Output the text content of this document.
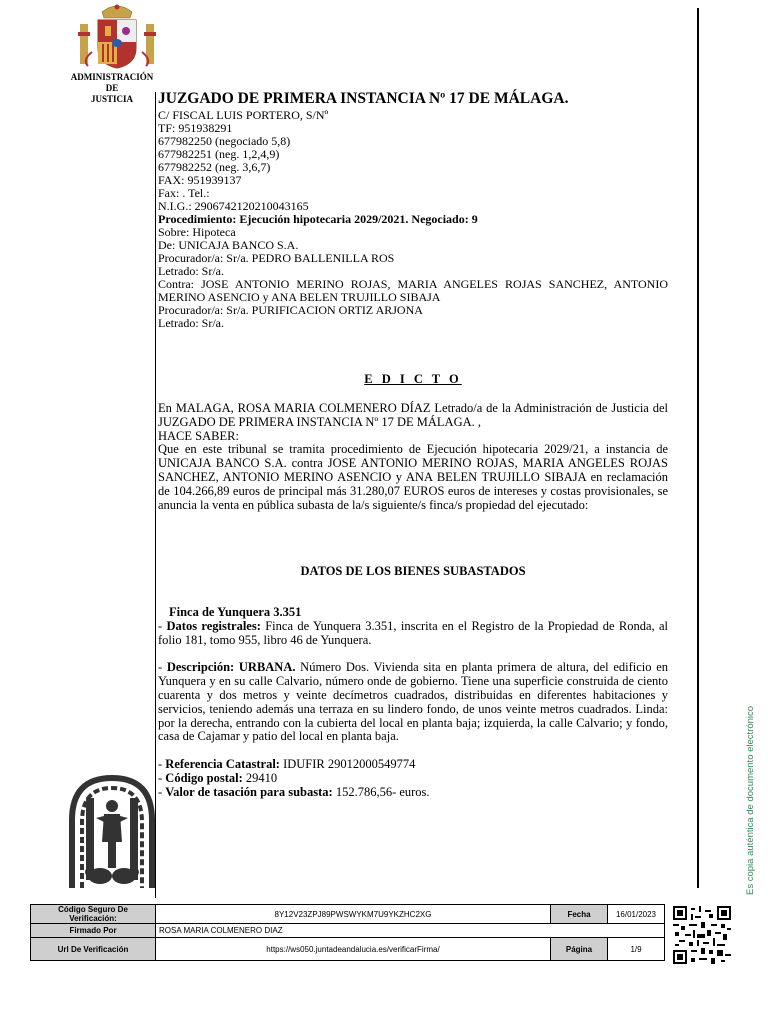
ADMINISTRACIÓN
DE
JUSTICIA	JUZGADO DE PRIMERA INSTANCIA Nº 17 DE MÁLAGA.
C/ FISCAL LUIS PORTERO, S/Nº
TF: 951938291
677982250 (negociado 5,8)
677982251 (neg. 1,2,4,9)
677982252 (neg. 3,6,7)
FAX: 951939137
Fax: . Tel.:
N.I.G.: 2906742120210043165
Procedimiento: Ejecución hipotecaria 2029/2021. Negociado: 9
Sobre: Hipoteca
De: UNICAJA BANCO S.A.
Procurador/a: Sr/a. PEDRO BALLENILLA ROS
Letrado: Sr/a.
Contra: JOSE ANTONIO MERINO ROJAS, MARIA ANGELES ROJAS SANCHEZ, ANTONIO MERINO ASENCIO y ANA BELEN TRUJILLO SIBAJA
Procurador/a: Sr/a. PURIFICACION ORTIZ ARJONA
Letrado: Sr/a.
E D I C T O
En MALAGA, ROSA MARIA COLMENERO DÍAZ Letrado/a de la Administración de Justicia del JUZGADO DE PRIMERA INSTANCIA Nº 17 DE MÁLAGA. ,
HACE SABER:
Que en este tribunal se tramita procedimiento de Ejecución hipotecaria 2029/21, a instancia de UNICAJA BANCO S.A. contra JOSE ANTONIO MERINO ROJAS, MARIA ANGELES ROJAS SANCHEZ, ANTONIO MERINO ASENCIO y ANA BELEN TRUJILLO SIBAJA en reclamación de 104.266,89 euros de principal más 31.280,07 EUROS euros de intereses y costas provisionales, se anuncia la venta en pública subasta de la/s siguiente/s finca/s propiedad del ejecutado:
DATOS DE LOS BIENES SUBASTADOS
Finca de Yunquera 3.351
- Datos registrales: Finca de Yunquera 3.351, inscrita en el Registro de la Propiedad de Ronda, al folio 181, tomo 955, libro 46 de Yunquera.
- Descripción: URBANA. Número Dos. Vivienda sita en planta primera de altura, del edificio en Yunquera y en su calle Calvario, número onde de gobierno. Tiene una superficie construida de ciento cuarenta y dos metros y veinte decímetros cuadrados, distribuidas en diferentes habitaciones y servicios, teniendo además una terraza en su lindero fondo, de unos veinte metros cuadrados. Linda: por la derecha, entrando con la cubierta del local en planta baja; izquierda, la calle Calvario; y fondo, casa de Cajamar y patio del local en planta baja.
- Referencia Catastral: IDUFIR 29012000549774
- Código postal: 29410
- Valor de tasación para subasta: 152.786,56- euros.
Código Seguro De Verificación:	8Y12V23ZPJ89PWSWYKM7U9YKZHC2XG	Fecha	16/01/2023
Firmado Por	ROSA MARIA COLMENERO DIAZ		
Url De Verificación	https://ws050.juntadeandalucia.es/verificarFirma/	Página	1/9
Es copia auténtica de documento electrónico
